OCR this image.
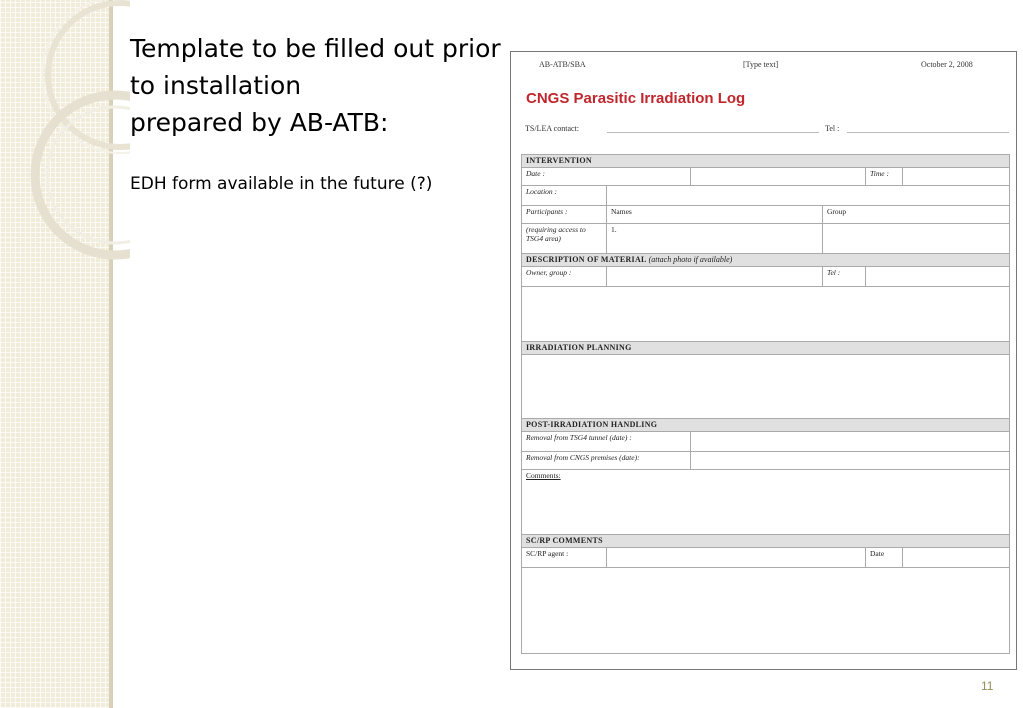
Template to be filled out prior
to installation
prepared by AB-ATB:

EDH form available in the future (?)

AB-ATB/SBA	[Type text]	October 2, 2008
CNGS Parasitic Irradiation Log
TS/LEA contact:	Tel :
INTERVENTION					
Date :				Time :	
Location :					
Participants :	Names		Group		
(requiring access to TSG4 area)	1.				
DESCRIPTION OF MATERIAL (attach photo if available)					
Owner, group :			Tel :		

IRRADIATION PLANNING					

POST-IRRADIATION HANDLING					
Removal from TSG4 tunnel (date) :					
Removal from CNGS premises (date):					
Comments:					
SC/RP COMMENTS					
SC/RP agent :				Date	

11
